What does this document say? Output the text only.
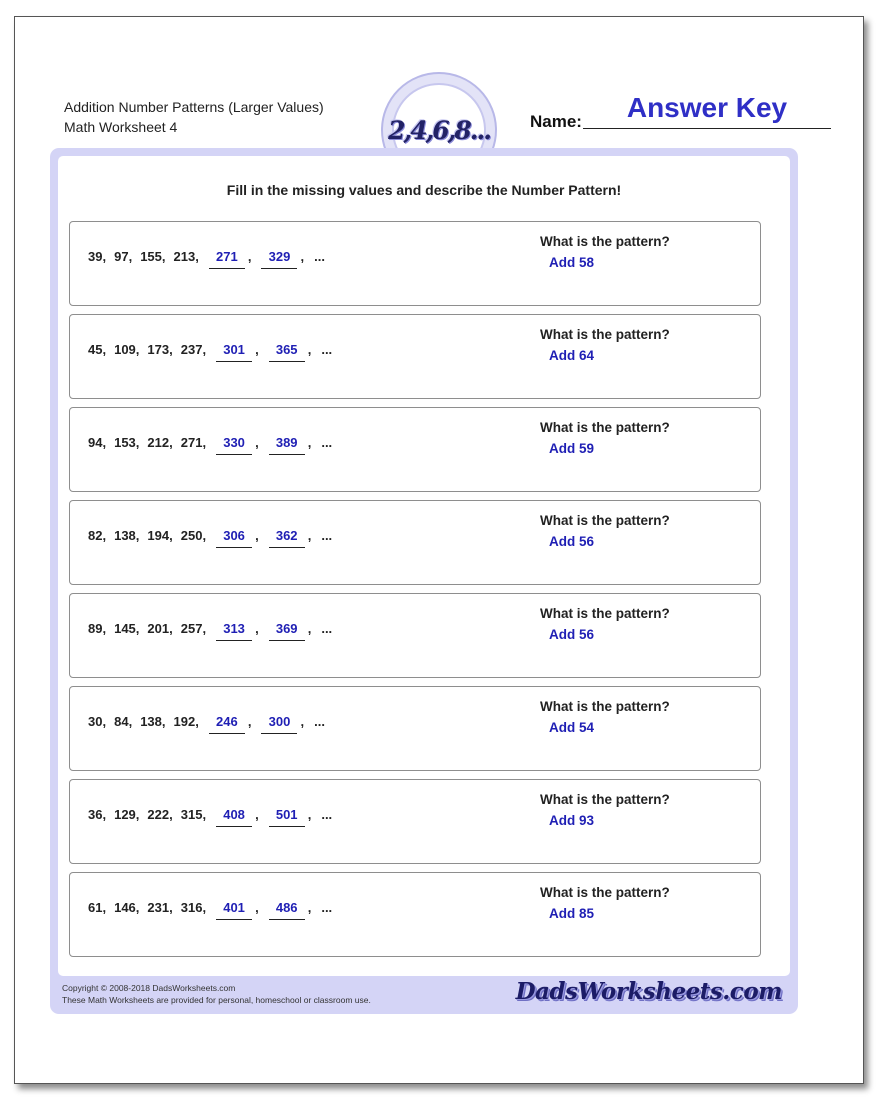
Addition Number Patterns (Larger Values)
Math Worksheet 4	2,4,6,8... Name:	Answer Key
Fill in the missing values and describe the Number Pattern!
39 , 97 , 155 , 213 ,	271 ,	329 , ...
What is the pattern?
Add 58
45 , 109 , 173 , 237 ,	301 ,	365 , ...
What is the pattern?
Add 64
94 , 153 , 212 , 271 ,	330 ,	389 , ...
What is the pattern?
Add 59
82 , 138 , 194 , 250 ,	306 ,	362 , ...
What is the pattern?
Add 56
89 , 145 , 201 , 257 ,	313 ,	369 , ...
What is the pattern?
Add 56
30 , 84 , 138 , 192 ,	246 ,	300 , ...
What is the pattern?
Add 54
36 , 129 , 222 , 315 ,	408 ,	501 , ...
What is the pattern?
Add 93
61 , 146 , 231 , 316 ,	401 ,	486 , ...
What is the pattern?
Add 85
Copyright © 2008-2018 DadsWorksheets.com
These Math Worksheets are provided for personal, homeschool or classroom use.	DadsWorksheets.com
